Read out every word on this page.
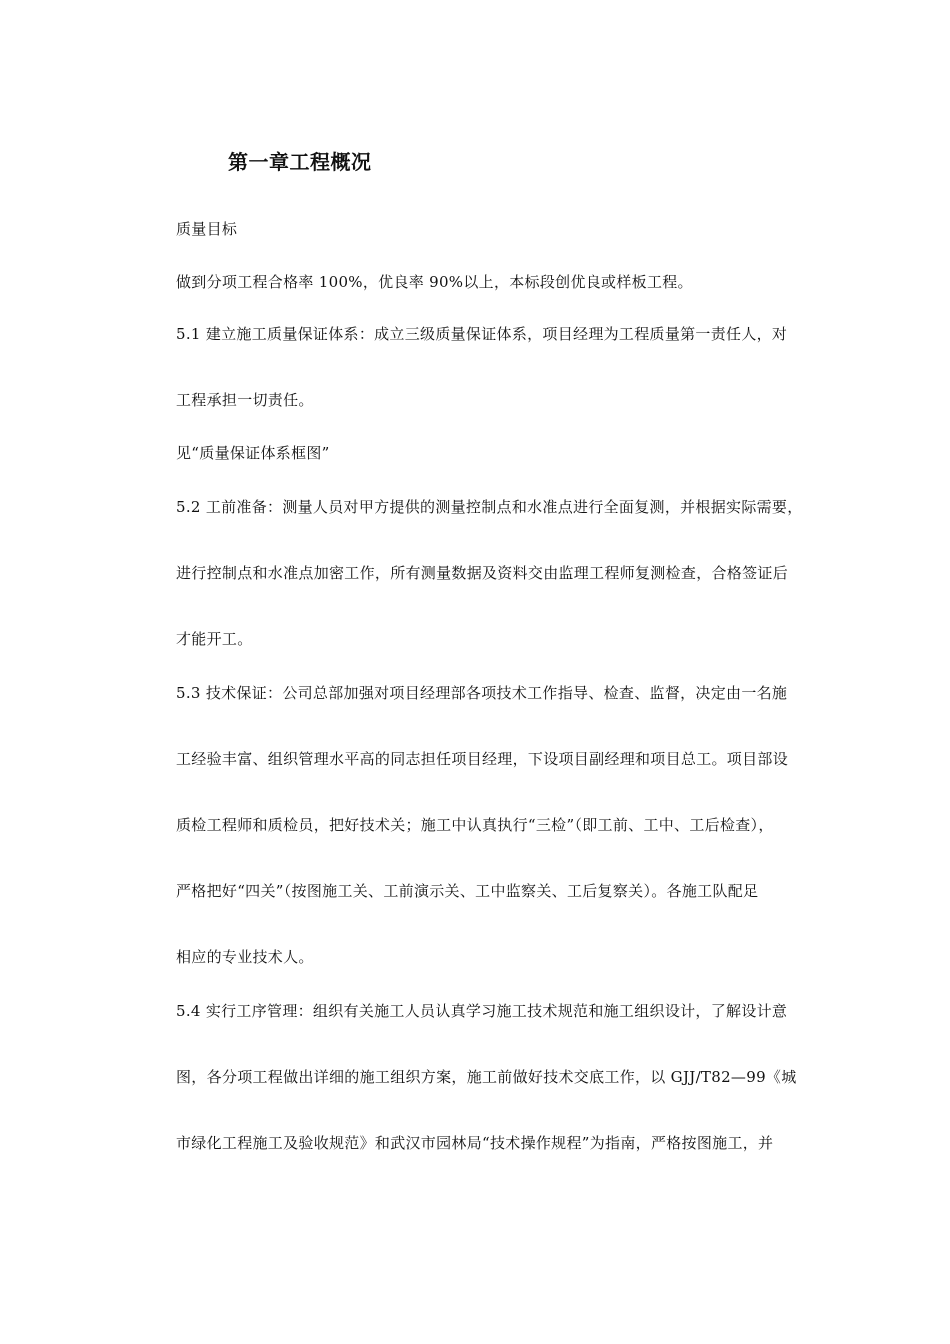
第一章工程概况
质量目标
做到分项工程合格率 100%，优良率 90%以上，本标段创优良或样板工程。
5.1 建立施工质量保证体系：成立三级质量保证体系，项目经理为工程质量第一责任人，对
工程承担一切责任。
见“质量保证体系框图”
5.2 工前准备：测量人员对甲方提供的测量控制点和水准点进行全面复测，并根据实际需要，
进行控制点和水准点加密工作，所有测量数据及资料交由监理工程师复测检查，合格签证后
才能开工。
5.3 技术保证：公司总部加强对项目经理部各项技术工作指导、检查、监督，决定由一名施
工经验丰富、组织管理水平高的同志担任项目经理，下设项目副经理和项目总工。项目部设
质检工程师和质检员，把好技术关；施工中认真执行“三检”（即工前、工中、工后检查），
严格把好“四关”（按图施工关、工前演示关、工中监察关、工后复察关）。各施工队配足
相应的专业技术人。
5.4 实行工序管理：组织有关施工人员认真学习施工技术规范和施工组织设计，了解设计意
图，各分项工程做出详细的施工组织方案，施工前做好技术交底工作，以 GJJ/T82—99《城
市绿化工程施工及验收规范》和武汉市园林局“技术操作规程”为指南，严格按图施工，并
